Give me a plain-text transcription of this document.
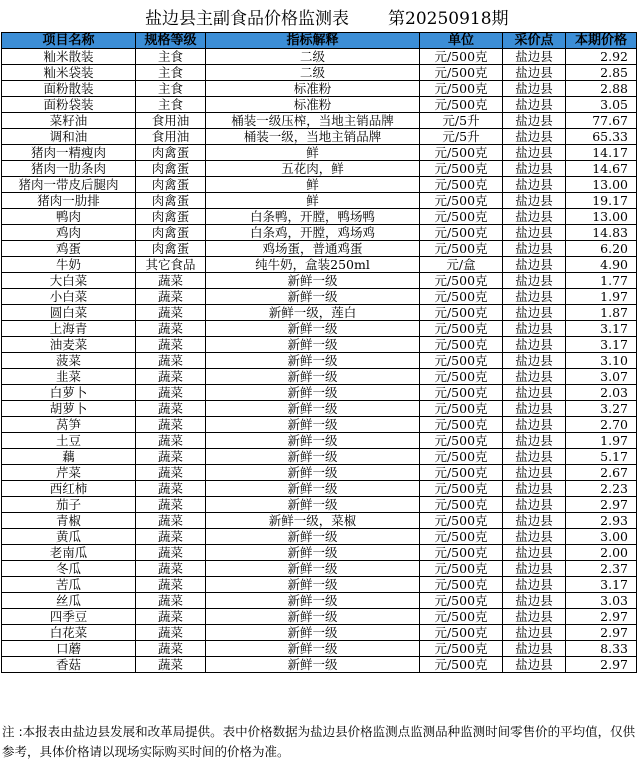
盐边县主副食品价格监测表 第20250918期
项目名称	规格等级	指标解释	单位	采价点	本期价格
籼米散装	主食	二级	元/500克	盐边县	2.92
籼米袋装	主食	二级	元/500克	盐边县	2.85
面粉散装	主食	标准粉	元/500克	盐边县	2.88
面粉袋装	主食	标准粉	元/500克	盐边县	3.05
菜籽油	食用油	桶装一级压榨，当地主销品牌	元/5升	盐边县	77.67
调和油	食用油	桶装一级，当地主销品牌	元/5升	盐边县	65.33
猪肉一精瘦肉	肉禽蛋	鲜	元/500克	盐边县	14.17
猪肉一肋条肉	肉禽蛋	五花肉，鲜	元/500克	盐边县	14.67
猪肉一带皮后腿肉	肉禽蛋	鲜	元/500克	盐边县	13.00
猪肉一肋排	肉禽蛋	鲜	元/500克	盐边县	19.17
鸭肉	肉禽蛋	白条鸭，开膛，鸭场鸭	元/500克	盐边县	13.00
鸡肉	肉禽蛋	白条鸡，开膛，鸡场鸡	元/500克	盐边县	14.83
鸡蛋	肉禽蛋	鸡场蛋，普通鸡蛋	元/500克	盐边县	6.20
牛奶	其它食品	纯牛奶，盒装250ml	元/盒	盐边县	4.90
大白菜	蔬菜	新鲜一级	元/500克	盐边县	1.77
小白菜	蔬菜	新鲜一级	元/500克	盐边县	1.97
圆白菜	蔬菜	新鲜一级，莲白	元/500克	盐边县	1.87
上海青	蔬菜	新鲜一级	元/500克	盐边县	3.17
油麦菜	蔬菜	新鲜一级	元/500克	盐边县	3.17
菠菜	蔬菜	新鲜一级	元/500克	盐边县	3.10
韭菜	蔬菜	新鲜一级	元/500克	盐边县	3.07
白萝卜	蔬菜	新鲜一级	元/500克	盐边县	2.03
胡萝卜	蔬菜	新鲜一级	元/500克	盐边县	3.27
莴笋	蔬菜	新鲜一级	元/500克	盐边县	2.70
土豆	蔬菜	新鲜一级	元/500克	盐边县	1.97
藕	蔬菜	新鲜一级	元/500克	盐边县	5.17
芹菜	蔬菜	新鲜一级	元/500克	盐边县	2.67
西红柿	蔬菜	新鲜一级	元/500克	盐边县	2.23
茄子	蔬菜	新鲜一级	元/500克	盐边县	2.97
青椒	蔬菜	新鲜一级，菜椒	元/500克	盐边县	2.93
黄瓜	蔬菜	新鲜一级	元/500克	盐边县	3.00
老南瓜	蔬菜	新鲜一级	元/500克	盐边县	2.00
冬瓜	蔬菜	新鲜一级	元/500克	盐边县	2.37
苦瓜	蔬菜	新鲜一级	元/500克	盐边县	3.17
丝瓜	蔬菜	新鲜一级	元/500克	盐边县	3.03
四季豆	蔬菜	新鲜一级	元/500克	盐边县	2.97
白花菜	蔬菜	新鲜一级	元/500克	盐边县	2.97
口蘑	蔬菜	新鲜一级	元/500克	盐边县	8.33
香菇	蔬菜	新鲜一级	元/500克	盐边县	2.97
注 :本报表由盐边县发展和改革局提供。表中价格数据为盐边县价格监测点监测品种监测时间零售价的平均值，仅供参考，具体价格请以现场实际购买时间的价格为准。
